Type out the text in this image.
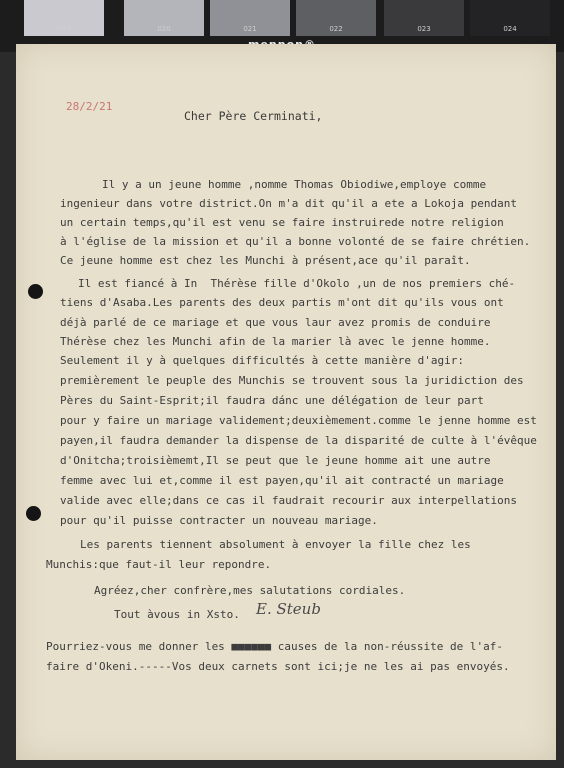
019	020	021	022	023	024
28/2/21
Cher Père Cerminati,
Il y a un jeune homme ,nomme Thomas Obiodiwe,employe comme
ingenieur dans votre district.On m'a dit qu'il a ete a Lokoja pendant
un certain temps,qu'il est venu se faire instruirede notre religion
à l'église de la mission et qu'il a bonne volonté de se faire chrétien.
Ce jeune homme est chez les Munchi à présent,ace qu'il paraît.
Il est fiancé à In  Thérèse fille d'Okolo ,un de nos premiers ché-
tiens d'Asaba.Les parents des deux partis m'ont dit qu'ils vous ont
déjà parlé de ce mariage et que vous laur avez promis de conduire
Thérèse chez les Munchi afin de la marier là avec le jenne homme.
Seulement il y à quelques difficultés à cette manière d'agir:
premièrement le peuple des Munchis se trouvent sous la juridiction des
Pères du Saint-Esprit;il faudra dánc une délégation de leur part
pour y faire un mariage validement;deuxièmement.comme le jenne homme est
payen,il faudra demander la dispense de la disparité de culte à l'évêque
d'Onitcha;troisièmemt,Il se peut que le jeune homme ait une autre
femme avec lui et,comme il est payen,qu'il ait contracté un mariage
valide avec elle;dans ce cas il faudrait recourir aux interpellations
pour qu'il puisse contracter un nouveau mariage.
Les parents tiennent absolument à envoyer la fille chez les
Munchis:que faut-il leur repondre.
Agréez,cher confrère,mes salutations cordiales.
Tout àvous in Xsto. E. Steub
Pourriez-vous me donner les ■■■■■■ causes de la non-réussite de l'af-
faire d'Okeni.-----Vos deux carnets sont ici;je ne les ai pas envoyés.
